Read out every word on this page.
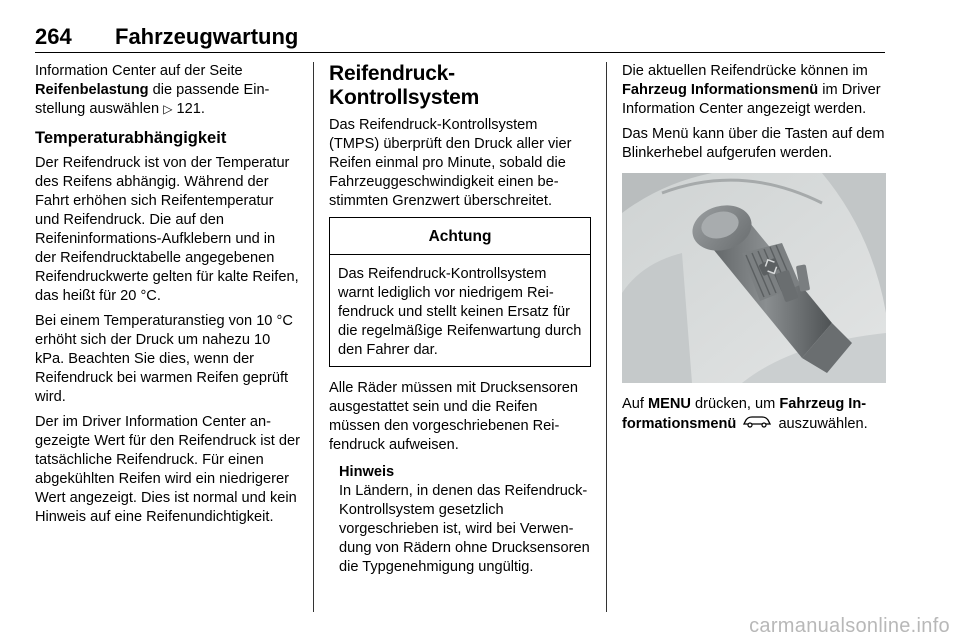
264	Fahrzeugwartung

Information Center auf der Seite
Reifenbelastung die passende Ein-
stellung auswählen ▷ 121.

Temperaturabhängigkeit

Der Reifendruck ist von der Temperatur des Reifens abhängig. Während der Fahrt erhöhen sich Reifentemperatur und Reifendruck. Die auf den Reifeninformations-Aufklebern und in der Reifendrucktabelle angegebenen Reifendruckwerte gelten für kalte Reifen, das heißt für 20 °C.

Bei einem Temperaturanstieg von 10 °C erhöht sich der Druck um nahezu 10 kPa. Beachten Sie dies, wenn der Reifendruck bei warmen Reifen geprüft wird.

Der im Driver Information Center angezeigte Wert für den Reifendruck ist der tatsächliche Reifendruck. Für einen abgekühlten Reifen wird ein niedrigerer Wert angezeigt. Dies ist normal und kein Hinweis auf eine Reifenundichtigkeit.

Reifendruck-Kontrollsystem

Das Reifendruck-Kontrollsystem (TMPS) überprüft den Druck aller vier Reifen einmal pro Minute, sobald die Fahrzeuggeschwindigkeit einen bestimmten Grenzwert überschreitet.

Achtung
Das Reifendruck-Kontrollsystem warnt lediglich vor niedrigem Reifendruck und stellt keinen Ersatz für die regelmäßige Reifenwartung durch den Fahrer dar.

Alle Räder müssen mit Drucksensoren ausgestattet sein und die Reifen müssen den vorgeschriebenen Reifendruck aufweisen.

Hinweis
In Ländern, in denen das Reifendruck-Kontrollsystem gesetzlich vorgeschrieben ist, wird bei Verwendung von Rädern ohne Drucksensoren die Typgenehmigung ungültig.

Die aktuellen Reifendrücke können im Fahrzeug Informationsmenü im Driver Information Center angezeigt werden.

Das Menü kann über die Tasten auf dem Blinkerhebel aufgerufen werden.

Auf MENU drücken, um Fahrzeug Informationsmenü	auszuwählen.

carmanualsonline.info
